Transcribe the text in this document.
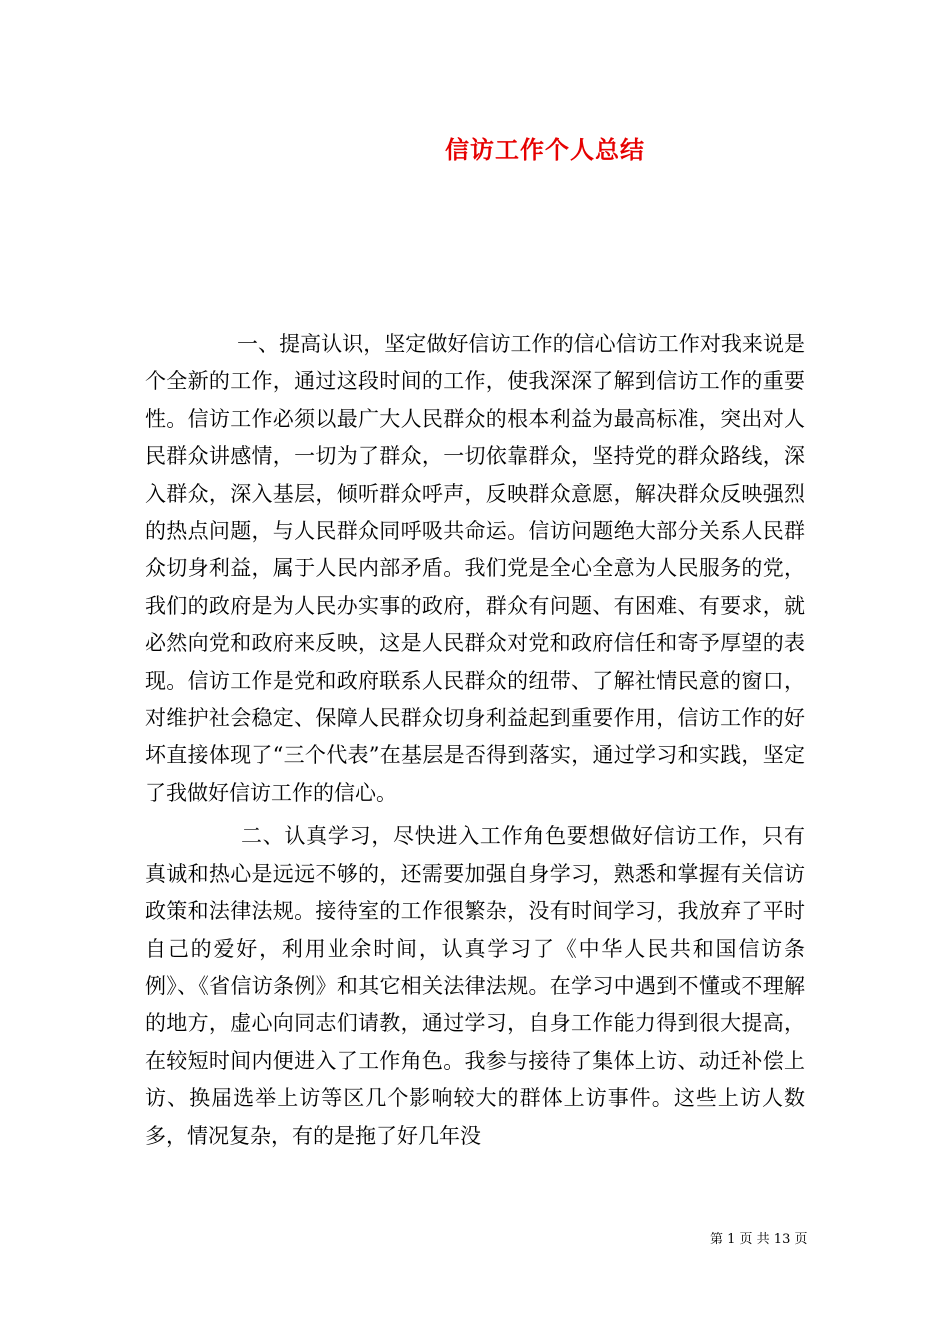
信访工作个人总结

一、提高认识，坚定做好信访工作的信心信访工作对我来说是个全新的工作，通过这段时间的工作，使我深深了解到信访工作的重要性。信访工作必须以最广大人民群众的根本利益为最高标准，突出对人民群众讲感情，一切为了群众，一切依靠群众，坚持党的群众路线，深入群众，深入基层，倾听群众呼声，反映群众意愿，解决群众反映强烈的热点问题，与人民群众同呼吸共命运。信访问题绝大部分关系人民群众切身利益，属于人民内部矛盾。我们党是全心全意为人民服务的党，我们的政府是为人民办实事的政府，群众有问题、有困难、有要求，就必然向党和政府来反映，这是人民群众对党和政府信任和寄予厚望的表现。信访工作是党和政府联系人民群众的纽带、了解社情民意的窗口，对维护社会稳定、保障人民群众切身利益起到重要作用，信访工作的好坏直接体现了“三个代表”在基层是否得到落实，通过学习和实践，坚定了我做好信访工作的信心。

二、认真学习，尽快进入工作角色要想做好信访工作，只有真诚和热心是远远不够的，还需要加强自身学习，熟悉和掌握有关信访政策和法律法规。接待室的工作很繁杂，没有时间学习，我放弃了平时自己的爱好，利用业余时间，认真学习了《中华人民共和国信访条例》、《省信访条例》和其它相关法律法规。在学习中遇到不懂或不理解的地方，虚心向同志们请教，通过学习，自身工作能力得到很大提高，在较短时间内便进入了工作角色。我参与接待了集体上访、动迁补偿上访、换届选举上访等区几个影响较大的群体上访事件。这些上访人数多，情况复杂，有的是拖了好几年没

第 1 页 共 13 页
